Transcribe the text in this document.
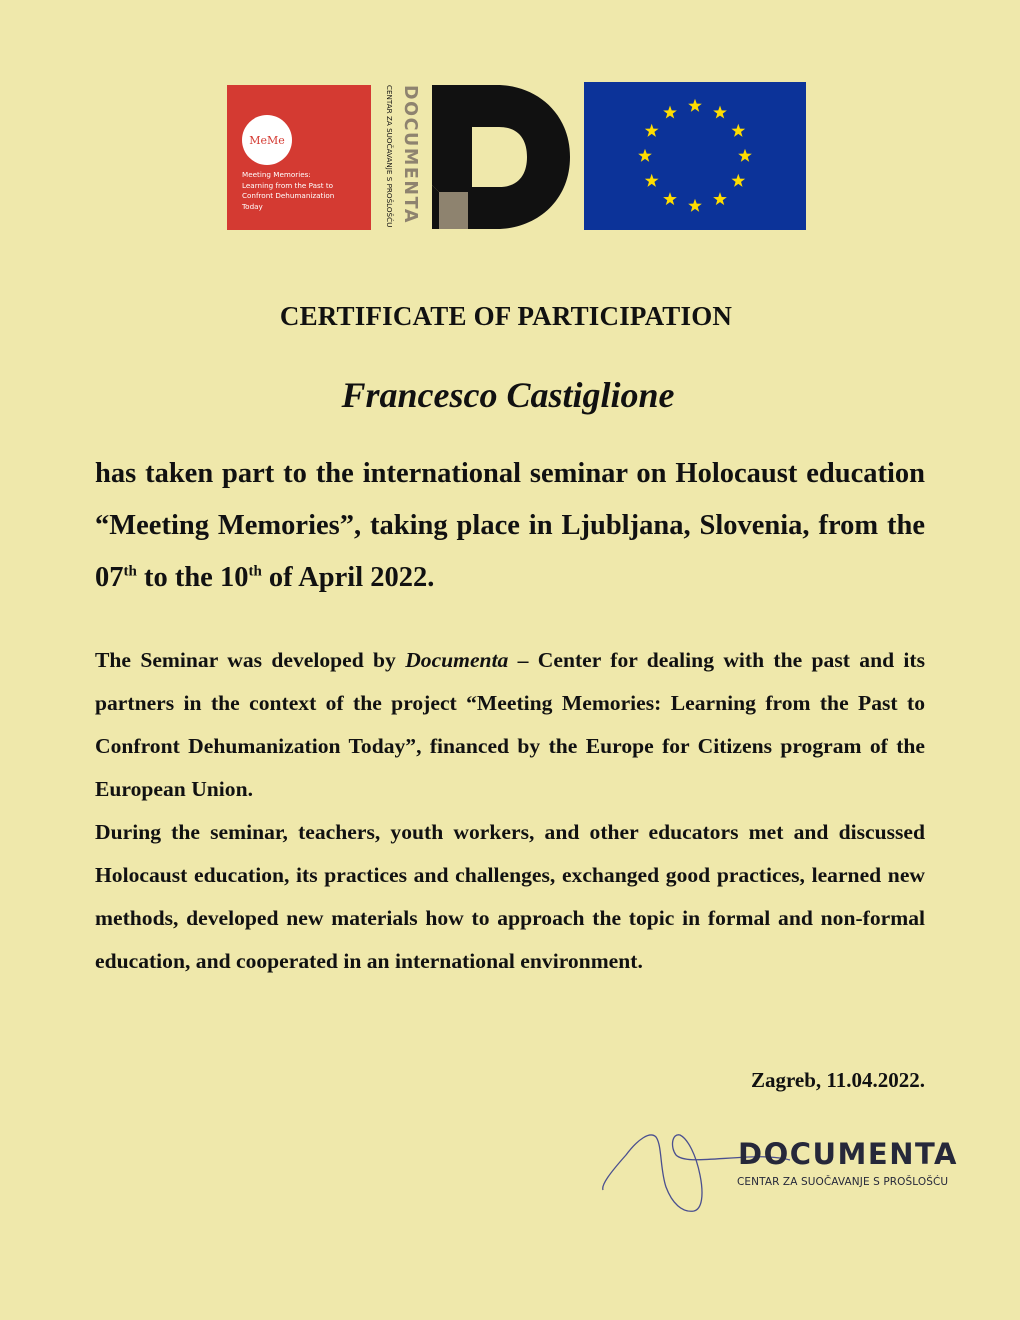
MeMe
Meeting Memories:
Learning from the Past to
Confront Dehumanization
Today	DOCUMENTA
CENTAR ZA SUOČAVANJE S PROŠLOŠĆU
CERTIFICATE OF PARTICIPATION
Francesco Castiglione
has taken part to the international seminar on Holocaust education “Meeting Memories”, taking place in Ljubljana, Slovenia, from the 07th to the 10th of April 2022.

The Seminar was developed by Documenta – Center for dealing with the past and its partners in the context of the project “Meeting Memories: Learning from the Past to Confront Dehumanization Today”, financed by the Europe for Citizens program of the European Union.

During the seminar, teachers, youth workers, and other educators met and discussed Holocaust education, its practices and challenges, exchanged good practices, learned new methods, developed new materials how to approach the topic in formal and non-formal education, and cooperated in an international environment.

Zagreb, 11.04.2022.
DOCUMENTA
CENTAR ZA SUOČAVANJE S PROŠLOŠĆU
